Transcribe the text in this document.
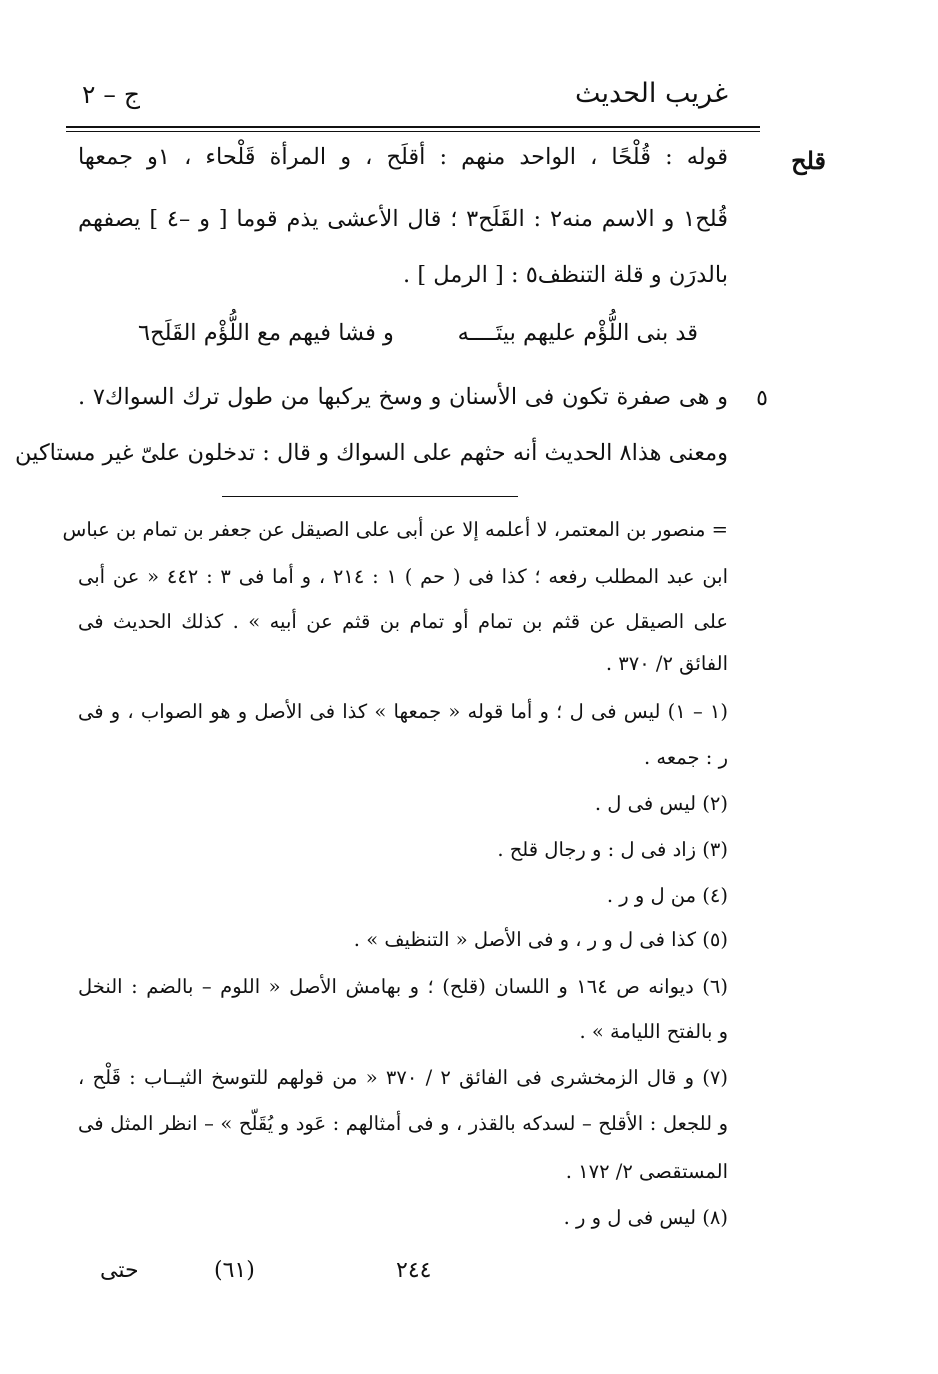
غريب الحديث
ج – ٢
قلح
قوله : قُلْحًا ، الواحد منهم : أقلَح ، و المرأة قَلْحاء ، ١و جمعها
قُلح١ و الاسم منه٢ : القَلَح٣ ؛ قال الأعشى يذم قوما [ و –٤ ] يصفهم
بالدرَن و قلة التنظف٥ : [ الرمل ] .
قد بنى اللُّؤْم عليهم بيتَــــه
و فشا فيهم مع اللُّؤْم القَلَح٦
٥
و هى صفرة تكون فى الأسنان و وسخ يركبها من طول ترك السواك٧ .
ومعنى هذا٨ الحديث أنه حثهم على السواك و قال : تدخلون علىّ غير مستاكين
= منصور بن المعتمر، لا أعلمه إلا عن أبى على الصيقل عن جعفر بن تمام بن عباس
ابن عبد المطلب رفعه ؛ كذا فى ( حم ) ١ : ٢١٤ ، و أما فى ٣ : ٤٤٢ « عن أبى
على الصيقل عن قثم بن تمام أو تمام بن قثم عن أبيه » . كذلك الحديث فى
الفائق ٢/ ٣٧٠ .
(١ – ١) ليس فى ل ؛ و أما قوله « جمعها » كذا فى الأصل و هو الصواب ، و فى
ر : جمعه .
(٢) ليس فى ل .
(٣) زاد فى ل : و رجال قلح .
(٤) من ل و ر .
(٥) كذا فى ل و ر ، و فى الأصل « التنظيف » .
(٦) ديوانه ص ١٦٤ و اللسان (قلح) ؛ و بهامش الأصل « اللوم – بالضم : النخل
و بالفتح الليامة » .
(٧) و قال الزمخشرى فى الفائق ٢ / ٣٧٠ « من قولهم للتوسخ الثيــاب : قَلْح ،
و للجعل : الأقلح – لسدكه بالقذر ، و فى أمثالهم : عَود و يُقَلّح » – انظر المثل فى
المستقصى ٢/ ١٧٢ .
(٨) ليس فى ل و ر .
حتى	(٦١)	٢٤٤
